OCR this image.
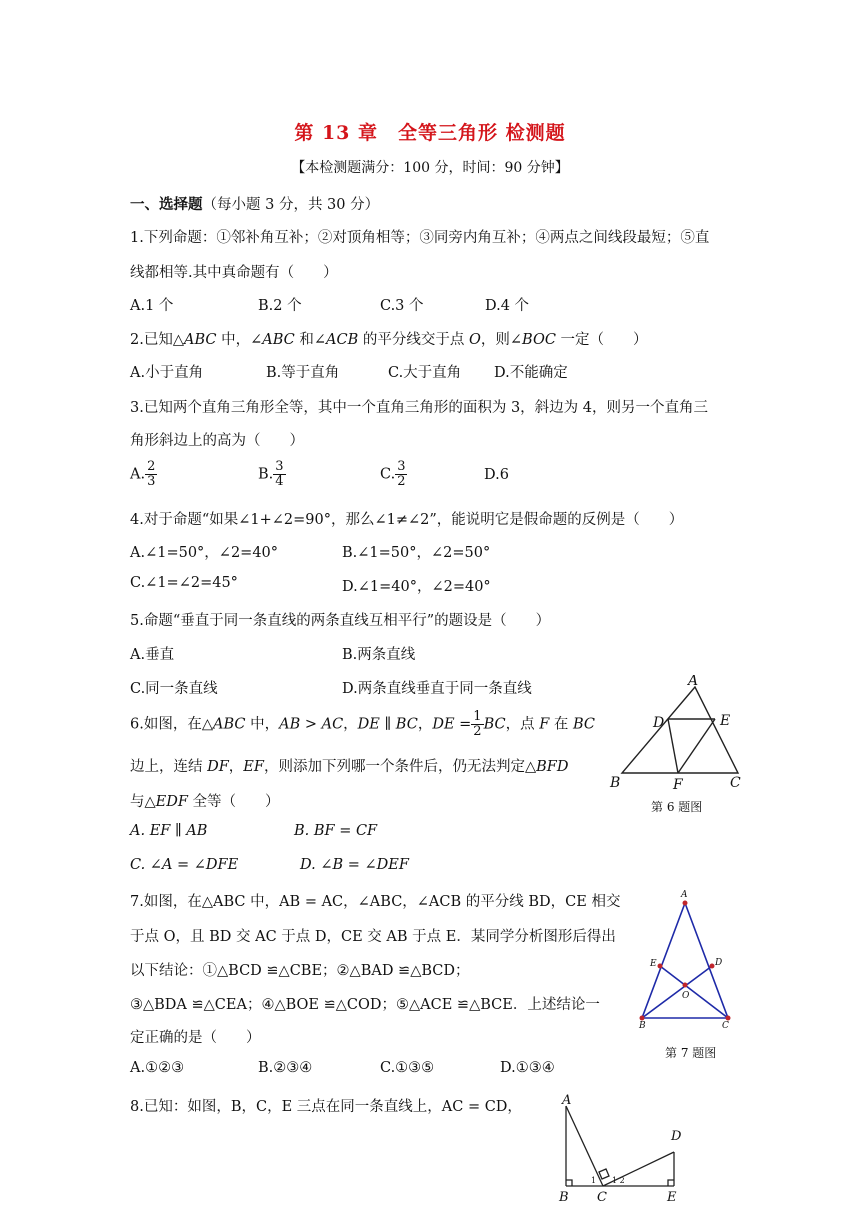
第 13 章　全等三角形 检测题
【本检测题满分：100 分，时间：90 分钟】
一、选择题（每小题 3 分，共 30 分）
1.下列命题：①邻补角互补；②对顶角相等；③同旁内角互补；④两点之间线段最短；⑤直
线都相等.其中真命题有（　　）
A.1 个	B.2 个	C.3 个	D.4 个
2.已知△ABC 中，∠ABC 和∠ACB 的平分线交于点 O，则∠BOC 一定（　　）
A.小于直角	B.等于直角	C.大于直角 D.不能确定
3.已知两个直角三角形全等，其中一个直角三角形的面积为 3，斜边为 4，则另一个直角三
角形斜边上的高为（　　）
A. $\frac{2}{3}$	B. $\frac{3}{4}$	C. $\frac{3}{2}$	D.6
4.对于命题“如果∠1+∠2=90°，那么∠1≠∠2”，能说明它是假命题的反例是（　　）
A.∠1=50°，∠2=40°	B.∠1=50°，∠2=50°
C.∠1=∠2=45°	D.∠1=40°，∠2=40°
5.命题“垂直于同一条直线的两条直线互相平行”的题设是（　　）
A.垂直	B.两条直线
C.同一条直线	D.两条直线垂直于同一条直线
6.如图，在△ABC 中，AB > AC，DE ∥ BC，DE = $\frac{1}{2}$ BC，点 F 在 BC
边上，连结 DF，EF，则添加下列哪一个条件后，仍无法判定△BFD
与△EDF 全等（　　）
A. EF ∥ AB	B. BF = CF
C. ∠A = ∠DFE	D. ∠B = ∠DEF
A
B	C
D	E
F
第 6 题图
7.如图，在△ABC 中，AB = AC，∠ABC，∠ACB 的平分线 BD，CE 相交
于点 O，且 BD 交 AC 于点 D，CE 交 AB 于点 E．某同学分析图形后得出
以下结论：①△BCD ≌△CBE；②△BAD ≌△BCD；
③△BDA ≌△CEA；④△BOE ≌△COD；⑤△ACE ≌△BCE．上述结论一
定正确的是（　　）
A.①②③	B.②③④	C.①③⑤	D.①③④
A
B	C
D
E
O
第 7 题图
8.已知：如图，B，C，E 三点在同一条直线上，AC = CD，	A
B C
D
E
1 1 2
